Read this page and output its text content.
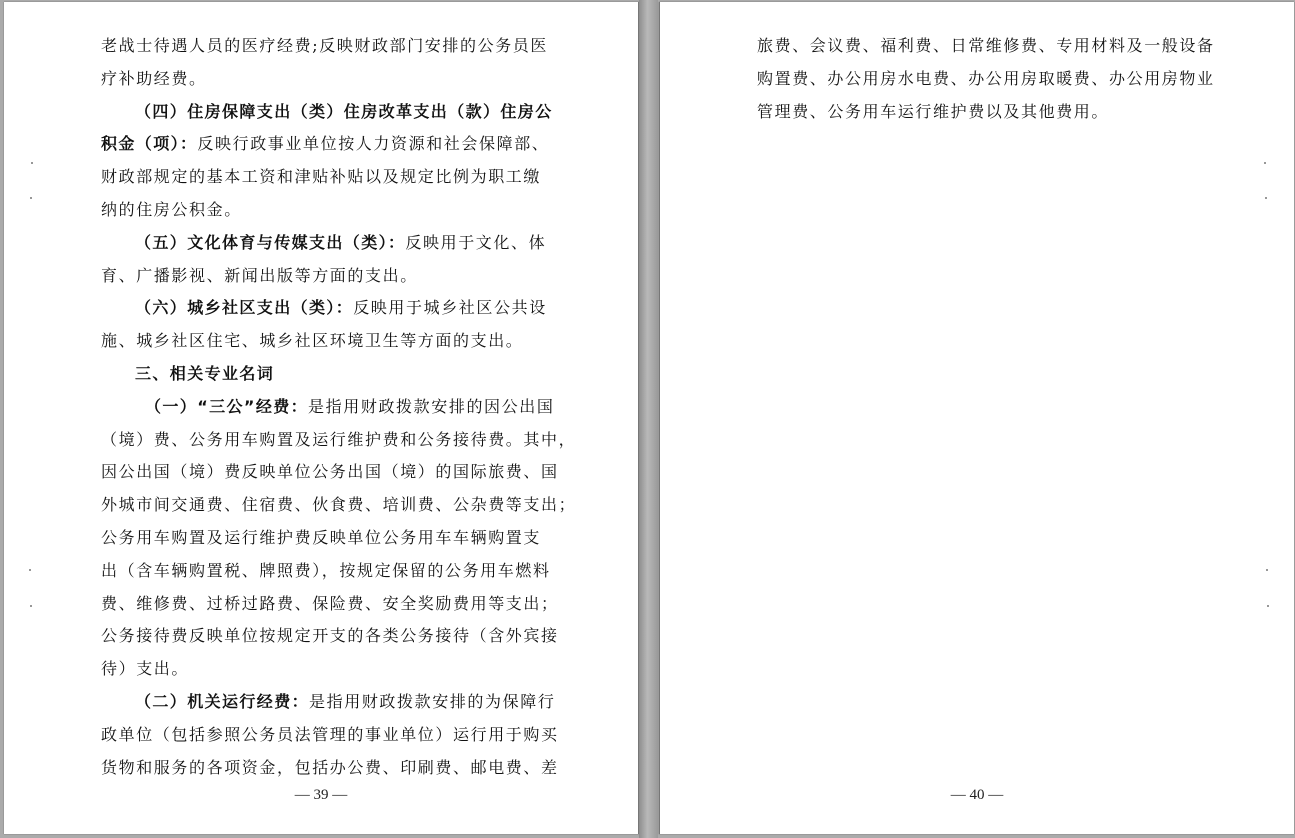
老战士待遇人员的医疗经费;反映财政部门安排的公务员医
疗补助经费。
（四）住房保障支出（类）住房改革支出（款）住房公
积金（项）：反映行政事业单位按人力资源和社会保障部、
财政部规定的基本工资和津贴补贴以及规定比例为职工缴
纳的住房公积金。
（五）文化体育与传媒支出（类）：反映用于文化、体
育、广播影视、新闻出版等方面的支出。
（六）城乡社区支出（类）：反映用于城乡社区公共设
施、城乡社区住宅、城乡社区环境卫生等方面的支出。
三、相关专业名词
（一）“三公”经费：是指用财政拨款安排的因公出国
（境）费、公务用车购置及运行维护费和公务接待费。其中，
因公出国（境）费反映单位公务出国（境）的国际旅费、国
外城市间交通费、住宿费、伙食费、培训费、公杂费等支出；
公务用车购置及运行维护费反映单位公务用车车辆购置支
出（含车辆购置税、牌照费），按规定保留的公务用车燃料
费、维修费、过桥过路费、保险费、安全奖励费用等支出；
公务接待费反映单位按规定开支的各类公务接待（含外宾接
待）支出。
（二）机关运行经费：是指用财政拨款安排的为保障行
政单位（包括参照公务员法管理的事业单位）运行用于购买
货物和服务的各项资金，包括办公费、印刷费、邮电费、差
— 39 —
旅费、会议费、福利费、日常维修费、专用材料及一般设备
购置费、办公用房水电费、办公用房取暖费、办公用房物业
管理费、公务用车运行维护费以及其他费用。
— 40 —
